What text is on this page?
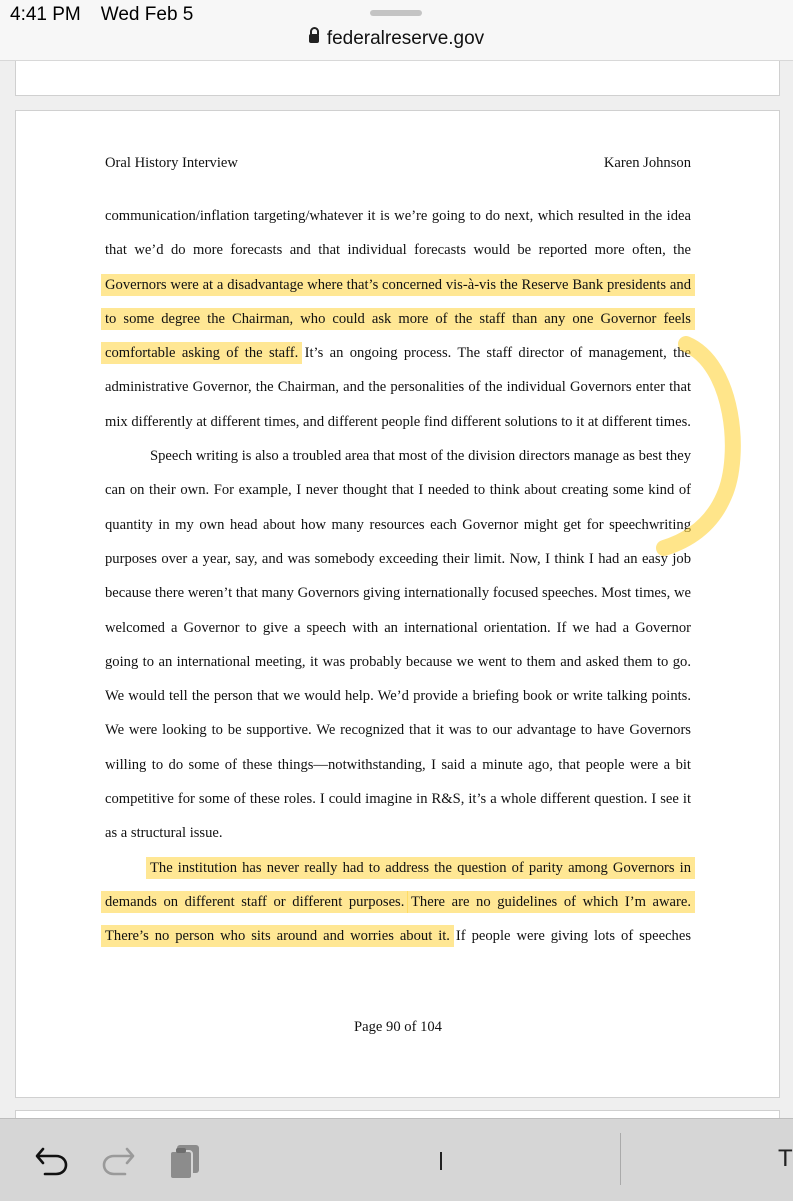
4:41 PM Wed Feb 5
federalreserve.gov
Oral History Interview	Karen Johnson

communication/inflation targeting/whatever it is we’re going to do next, which resulted in the idea that we’d do more forecasts and that individual forecasts would be reported more often, the Governors were at a disadvantage where that’s concerned vis-à-vis the Reserve Bank presidents and to some degree the Chairman, who could ask more of the staff than any one Governor feels comfortable asking of the staff. It’s an ongoing process. The staff director of management, the administrative Governor, the Chairman, and the personalities of the individual Governors enter that mix differently at different times, and different people find different solutions to it at different times.

Speech writing is also a troubled area that most of the division directors manage as best they can on their own. For example, I never thought that I needed to think about creating some kind of quantity in my own head about how many resources each Governor might get for speechwriting purposes over a year, say, and was somebody exceeding their limit. Now, I think I had an easy job because there weren’t that many Governors giving internationally focused speeches. Most times, we welcomed a Governor to give a speech with an international orientation. If we had a Governor going to an international meeting, it was probably because we went to them and asked them to go. We would tell the person that we would help. We’d provide a briefing book or write talking points. We were looking to be supportive. We recognized that it was to our advantage to have Governors willing to do some of these things—notwithstanding, I said a minute ago, that people were a bit competitive for some of these roles. I could imagine in R&S, it’s a whole different question. I see it as a structural issue.

The institution has never really had to address the question of parity among Governors in demands on different staff or different purposes. There are no guidelines of which I’m aware. There’s no person who sits around and worries about it. If people were giving lots of speeches

Page 90 of 104
T
